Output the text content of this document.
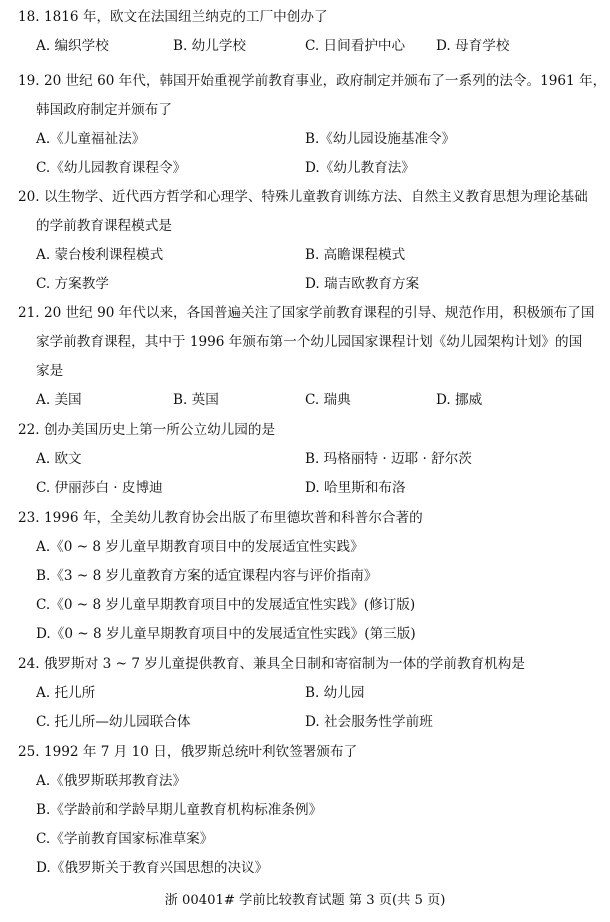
18. 1816 年，欧文在法国纽兰纳克的工厂中创办了
A. 编织学校	B. 幼儿学校	C. 日间看护中心 D. 母育学校
19. 20 世纪 60 年代，韩国开始重视学前教育事业，政府制定并颁布了一系列的法令。1961 年，
韩国政府制定并颁布了
A.《儿童福祉法》	B.《幼儿园设施基准令》
C.《幼儿园教育课程令》	D.《幼儿教育法》
20. 以生物学、近代西方哲学和心理学、特殊儿童教育训练方法、自然主义教育思想为理论基础
的学前教育课程模式是
A. 蒙台梭利课程模式	B. 高瞻课程模式
C. 方案教学	D. 瑞吉欧教育方案
21. 20 世纪 90 年代以来，各国普遍关注了国家学前教育课程的引导、规范作用，积极颁布了国
家学前教育课程，其中于 1996 年颁布第一个幼儿园国家课程计划《幼儿园架构计划》的国
家是
A. 美国	B. 英国	C. 瑞典	D. 挪威
22. 创办美国历史上第一所公立幼儿园的是
A. 欧文	B. 玛格丽特 · 迈耶 · 舒尔茨
C. 伊丽莎白 · 皮博迪	D. 哈里斯和布洛
23. 1996 年，全美幼儿教育协会出版了布里德坎普和科普尔合著的
A.《0 ~ 8 岁儿童早期教育项目中的发展适宜性实践》
B.《3 ~ 8 岁儿童教育方案的适宜课程内容与评价指南》
C.《0 ~ 8 岁儿童早期教育项目中的发展适宜性实践》(修订版)
D.《0 ~ 8 岁儿童早期教育项目中的发展适宜性实践》(第三版)
24. 俄罗斯对 3 ~ 7 岁儿童提供教育、兼具全日制和寄宿制为一体的学前教育机构是
A. 托儿所	B. 幼儿园
C. 托儿所—幼儿园联合体	D. 社会服务性学前班
25. 1992 年 7 月 10 日，俄罗斯总统叶利钦签署颁布了
A.《俄罗斯联邦教育法》
B.《学龄前和学龄早期儿童教育机构标准条例》
C.《学前教育国家标准草案》
D.《俄罗斯关于教育兴国思想的决议》
浙 00401# 学前比较教育试题 第 3 页(共 5 页)
